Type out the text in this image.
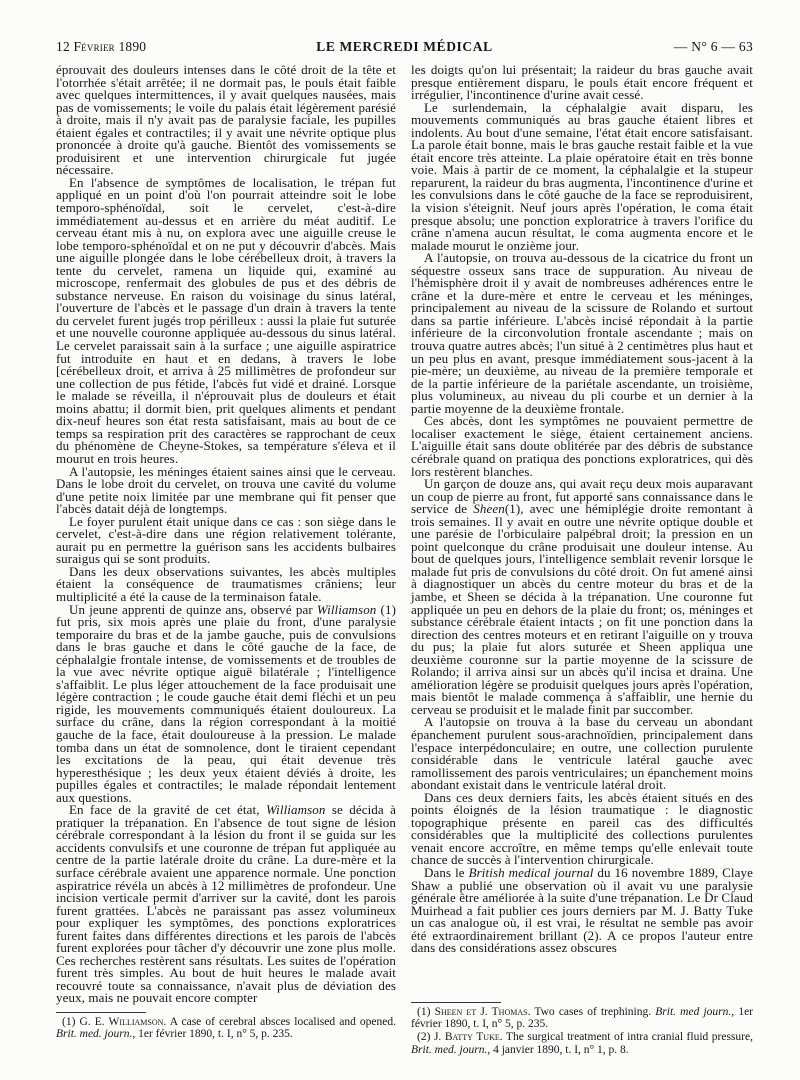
12 Février 1890	LE MERCREDI MÉDICAL	— N° 6 — 63

éprouvait des douleurs intenses dans le côté droit de la tête et l'otorrhée s'était arrêtée; il ne dormait pas, le pouls était faible avec quelques intermittences, il y avait quelques nausées, mais pas de vomissements; le voile du palais était légèrement parésié à droite, mais il n'y avait pas de paralysie faciale, les pupilles étaient égales et contractiles; il y avait une névrite optique plus prononcée à droite qu'à gauche. Bientôt des vomissements se produisirent et une intervention chirurgicale fut jugée nécessaire.

En l'absence de symptômes de localisation, le trépan fut appliqué en un point d'où l'on pourrait atteindre soit le lobe temporo-sphénoïdal, soit le cervelet, c'est-à-dire immédiatement au-dessus et en arrière du méat auditif. Le cerveau étant mis à nu, on explora avec une aiguille creuse le lobe temporo-sphénoïdal et on ne put y découvrir d'abcès. Mais une aiguille plongée dans le lobe cérébelleux droit, à travers la tente du cervelet, ramena un liquide qui, examiné au microscope, renfermait des globules de pus et des débris de substance nerveuse. En raison du voisinage du sinus latéral, l'ouverture de l'abcès et le passage d'un drain à travers la tente du cervelet furent jugés trop périlleux : aussi la plaie fut suturée et une nouvelle couronne appliquée au-dessous du sinus latéral. Le cervelet paraissait sain à la surface ; une aiguille aspiratrice fut introduite en haut et en dedans, à travers le lobe [cérébelleux droit, et arriva à 25 millimètres de profondeur sur une collection de pus fétide, l'abcès fut vidé et drainé. Lorsque le malade se réveilla, il n'éprouvait plus de douleurs et était moins abattu; il dormit bien, prit quelques aliments et pendant dix-neuf heures son état resta satisfaisant, mais au bout de ce temps sa respiration prit des caractères se rapprochant de ceux du phénomène de Cheyne-Stokes, sa température s'éleva et il mourut en trois heures.

A l'autopsie, les méninges étaient saines ainsi que le cerveau. Dans le lobe droit du cervelet, on trouva une cavité du volume d'une petite noix limitée par une membrane qui fit penser que l'abcès datait déjà de longtemps.

Le foyer purulent était unique dans ce cas : son siège dans le cervelet, c'est-à-dire dans une région relativement tolérante, aurait pu en permettre la guérison sans les accidents bulbaires suraigus qui se sont produits.

Dans les deux observations suivantes, les abcès multiples étaient la conséquence de traumatismes crâniens; leur multiplicité a été la cause de la terminaison fatale.

Un jeune apprenti de quinze ans, observé par Williamson (1) fut pris, six mois après une plaie du front, d'une paralysie temporaire du bras et de la jambe gauche, puis de convulsions dans le bras gauche et dans le côté gauche de la face, de céphalalgie frontale intense, de vomissements et de troubles de la vue avec névrite optique aiguë bilatérale ; l'intelligence s'affaiblit. Le plus léger attouchement de la face produisait une légère contraction ; le coude gauche était demi fléchi et un peu rigide, les mouvements communiqués étaient douloureux. La surface du crâne, dans la région correspondant à la moitié gauche de la face, était douloureuse à la pression. Le malade tomba dans un état de somnolence, dont le tiraient cependant les excitations de la peau, qui était devenue très hyperesthésique ; les deux yeux étaient déviés à droite, les pupilles égales et contractiles; le malade répondait lentement aux questions.

En face de la gravité de cet état, Williamson se décida à pratiquer la trépanation. En l'absence de tout signe de lésion cérébrale correspondant à la lésion du front il se guida sur les accidents convulsifs et une couronne de trépan fut appliquée au centre de la partie latérale droite du crâne. La dure-mère et la surface cérébrale avaient une apparence normale. Une ponction aspiratrice révéla un abcès à 12 millimètres de profondeur. Une incision verticale permit d'arriver sur la cavité, dont les parois furent grattées. L'abcès ne paraissant pas assez volumineux pour expliquer les symptômes, des ponctions exploratrices furent faites dans différentes directions et les parois de l'abcès furent explorées pour tâcher d'y découvrir une zone plus molle. Ces recherches restèrent sans résultats. Les suites de l'opération furent très simples. Au bout de huit heures le malade avait recouvré toute sa connaissance, n'avait plus de déviation des yeux, mais ne pouvait encore compter

(1) G. E. Williamson. A case of cerebral absces localised and opened. Brit. med. journ., 1er février 1890, t. I, n° 5, p. 235.

les doigts qu'on lui présentait; la raideur du bras gauche avait presque entièrement disparu, le pouls était encore fréquent et irrégulier, l'incontinence d'urine avait cessé.

Le surlendemain, la céphalalgie avait disparu, les mouvements communiqués au bras gauche étaient libres et indolents. Au bout d'une semaine, l'état était encore satisfaisant. La parole était bonne, mais le bras gauche restait faible et la vue était encore très atteinte. La plaie opératoire était en très bonne voie. Mais à partir de ce moment, la céphalalgie et la stupeur reparurent, la raideur du bras augmenta, l'incontinence d'urine et les convulsions dans le côté gauche de la face se reproduisirent, la vision s'éteignit. Neuf jours après l'opération, le coma était presque absolu; une ponction exploratrice à travers l'orifice du crâne n'amena aucun résultat, le coma augmenta encore et le malade mourut le onzième jour.

A l'autopsie, on trouva au-dessous de la cicatrice du front un séquestre osseux sans trace de suppuration. Au niveau de l'hémisphère droit il y avait de nombreuses adhérences entre le crâne et la dure-mère et entre le cerveau et les méninges, principalement au niveau de la scissure de Rolando et surtout dans sa partie inférieure. L'abcès incisé répondait à la partie inférieure de la circonvolution frontale ascendante ; mais on trouva quatre autres abcès; l'un situé à 2 centimètres plus haut et un peu plus en avant, presque immédiatement sous-jacent à la pie-mère; un deuxième, au niveau de la première temporale et de la partie inférieure de la pariétale ascendante, un troisième, plus volumineux, au niveau du pli courbe et un dernier à la partie moyenne de la deuxième frontale.

Ces abcès, dont les symptômes ne pouvaient permettre de localiser exactement le siège, étaient certainement anciens. L'aiguille était sans doute oblitérée par des débris de substance cérébrale quand on pratiqua des ponctions exploratrices, qui dès lors restèrent blanches.

Un garçon de douze ans, qui avait reçu deux mois auparavant un coup de pierre au front, fut apporté sans connaissance dans le service de Sheen(1), avec une hémiplégie droite remontant à trois semaines. Il y avait en outre une névrite optique double et une parésie de l'orbiculaire palpébral droit; la pression en un point quelconque du crâne produisait une douleur intense. Au bout de quelques jours, l'intelligence semblait revenir lorsque le malade fut pris de convulsions du côté droit. On fut amené ainsi à diagnostiquer un abcès du centre moteur du bras et de la jambe, et Sheen se décida à la trépanation. Une couronne fut appliquée un peu en dehors de la plaie du front; os, méninges et substance cérébrale étaient intacts ; on fit une ponction dans la direction des centres moteurs et en retirant l'aiguille on y trouva du pus; la plaie fut alors suturée et Sheen appliqua une deuxième couronne sur la partie moyenne de la scissure de Rolando; il arriva ainsi sur un abcès qu'il incisa et draina. Une amélioration légère se produisit quelques jours après l'opération, mais bientôt le malade commença à s'affaiblir, une hernie du cerveau se produisit et le malade finit par succomber.

A l'autopsie on trouva à la base du cerveau un abondant épanchement purulent sous-arachnoïdien, principalement dans l'espace interpédonculaire; en outre, une collection purulente considérable dans le ventricule latéral gauche avec ramollissement des parois ventriculaires; un épanchement moins abondant existait dans le ventricule latéral droit.

Dans ces deux derniers faits, les abcès étaient situés en des points éloignés de la lésion traumatique : le diagnostic topographique présente en pareil cas des difficultés considérables que la multiplicité des collections purulentes venait encore accroître, en même temps qu'elle enlevait toute chance de succès à l'intervention chirurgicale.

Dans le British medical journal du 16 novembre 1889, Claye Shaw a publié une observation où il avait vu une paralysie générale être améliorée à la suite d'une trépanation. Le Dr Claud Muirhead a fait publier ces jours derniers par M. J. Batty Tuke un cas analogue où, il est vrai, le résultat ne semble pas avoir été extraordinairement brillant (2). A ce propos l'auteur entre dans des considérations assez obscures

(1) Sheen et J. Thomas. Two cases of trephining. Brit. med journ., 1er février 1890, t. I, n° 5, p. 235.
(2) J. Batty Tuke. The surgical treatment of intra cranial fluid pressure, Brit. med. journ., 4 janvier 1890, t. I, n° 1, p. 8.
